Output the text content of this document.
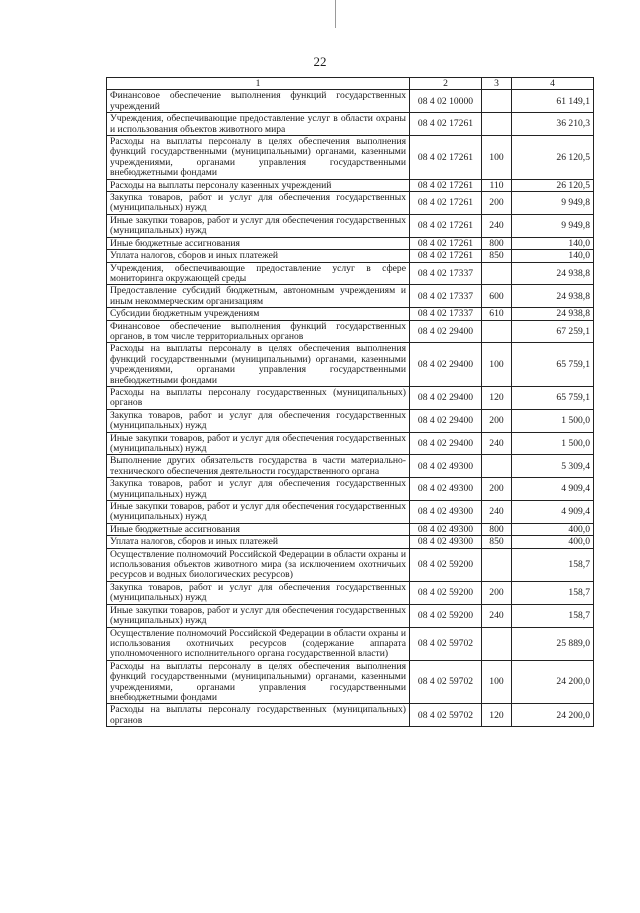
22
1	2	3	4
Финансовое обеспечение выполнения функций государственных учреждений	08 4 02 10000		61 149,1
Учреждения, обеспечивающие предоставление услуг в области охраны и использования объектов животного мира	08 4 02 17261		36 210,3
Расходы на выплаты персоналу в целях обеспечения выполнения функций государственными (муниципальными) органами, казенными учреждениями, органами управления государственными внебюджетными фондами	08 4 02 17261	100	26 120,5
Расходы на выплаты персоналу казенных учреждений	08 4 02 17261	110	26 120,5
Закупка товаров, работ и услуг для обеспечения государственных (муниципальных) нужд	08 4 02 17261	200	9 949,8
Иные закупки товаров, работ и услуг для обеспечения государственных (муниципальных) нужд	08 4 02 17261	240	9 949,8
Иные бюджетные ассигнования	08 4 02 17261	800	140,0
Уплата налогов, сборов и иных платежей	08 4 02 17261	850	140,0
Учреждения, обеспечивающие предоставление услуг в сфере мониторинга окружающей среды	08 4 02 17337		24 938,8
Предоставление субсидий бюджетным, автономным учреждениям и иным некоммерческим организациям	08 4 02 17337	600	24 938,8
Субсидии бюджетным учреждениям	08 4 02 17337	610	24 938,8
Финансовое обеспечение выполнения функций государственных органов, в том числе территориальных органов	08 4 02 29400		67 259,1
Расходы на выплаты персоналу в целях обеспечения выполнения функций государственными (муниципальными) органами, казенными учреждениями, органами управления государственными внебюджетными фондами	08 4 02 29400	100	65 759,1
Расходы на выплаты персоналу государственных (муниципальных) органов	08 4 02 29400	120	65 759,1
Закупка товаров, работ и услуг для обеспечения государственных (муниципальных) нужд	08 4 02 29400	200	1 500,0
Иные закупки товаров, работ и услуг для обеспечения государственных (муниципальных) нужд	08 4 02 29400	240	1 500,0
Выполнение других обязательств государства в части материально-технического обеспечения деятельности государственного органа	08 4 02 49300		5 309,4
Закупка товаров, работ и услуг для обеспечения государственных (муниципальных) нужд	08 4 02 49300	200	4 909,4
Иные закупки товаров, работ и услуг для обеспечения государственных (муниципальных) нужд	08 4 02 49300	240	4 909,4
Иные бюджетные ассигнования	08 4 02 49300	800	400,0
Уплата налогов, сборов и иных платежей	08 4 02 49300	850	400,0
Осуществление полномочий Российской Федерации в области охраны и использования объектов животного мира (за исключением охотничьих ресурсов и водных биологических ресурсов)	08 4 02 59200		158,7
Закупка товаров, работ и услуг для обеспечения государственных (муниципальных) нужд	08 4 02 59200	200	158,7
Иные закупки товаров, работ и услуг для обеспечения государственных (муниципальных) нужд	08 4 02 59200	240	158,7
Осуществление полномочий Российской Федерации в области охраны и использования охотничьих ресурсов (содержание аппарата уполномоченного исполнительного органа государственной власти)	08 4 02 59702		25 889,0
Расходы на выплаты персоналу в целях обеспечения выполнения функций государственными (муниципальными) органами, казенными учреждениями, органами управления государственными внебюджетными фондами	08 4 02 59702	100	24 200,0
Расходы на выплаты персоналу государственных (муниципальных) органов	08 4 02 59702	120	24 200,0
